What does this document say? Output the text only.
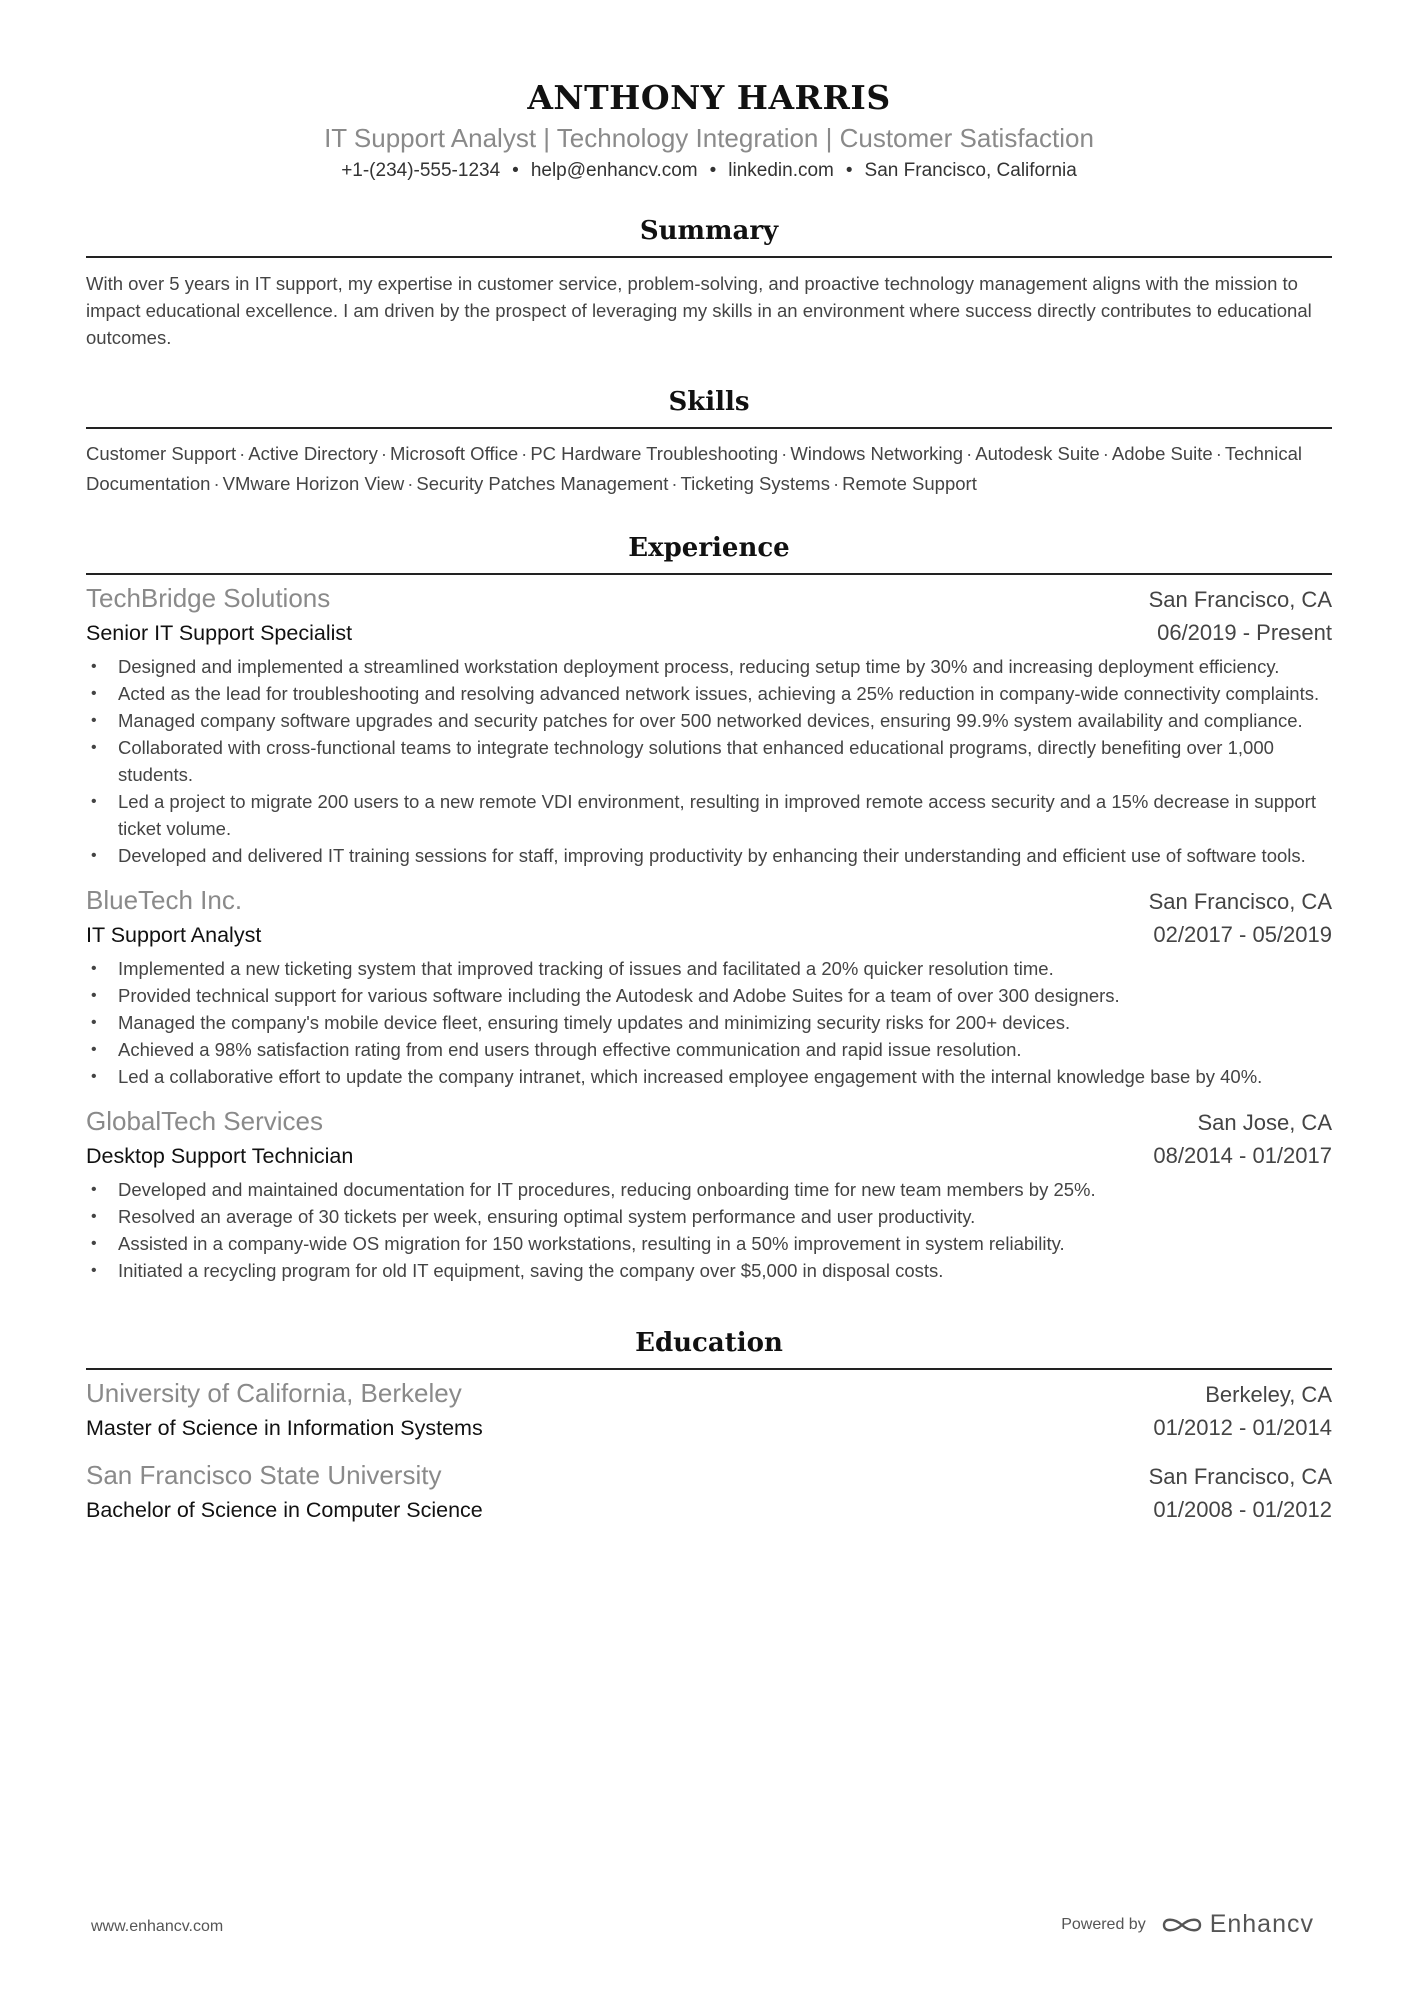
ANTHONY HARRIS
IT Support Analyst | Technology Integration | Customer Satisfaction
+1-(234)-555-1234 • help@enhancv.com • linkedin.com • San Francisco, California
Summary
With over 5 years in IT support, my expertise in customer service, problem-solving, and proactive technology management aligns with the mission to impact educational excellence. I am driven by the prospect of leveraging my skills in an environment where success directly contributes to educational outcomes.
Skills
Customer Support · Active Directory · Microsoft Office · PC Hardware Troubleshooting · Windows Networking · Autodesk Suite · Adobe Suite · Technical Documentation · VMware Horizon View · Security Patches Management · Ticketing Systems · Remote Support
Experience
TechBridge Solutions	San Francisco, CA
Senior IT Support Specialist	06/2019 - Present
• Designed and implemented a streamlined workstation deployment process, reducing setup time by 30% and increasing deployment efficiency.
• Acted as the lead for troubleshooting and resolving advanced network issues, achieving a 25% reduction in company-wide connectivity complaints.
• Managed company software upgrades and security patches for over 500 networked devices, ensuring 99.9% system availability and compliance.
• Collaborated with cross-functional teams to integrate technology solutions that enhanced educational programs, directly benefiting over 1,000 students.
• Led a project to migrate 200 users to a new remote VDI environment, resulting in improved remote access security and a 15% decrease in support ticket volume.
• Developed and delivered IT training sessions for staff, improving productivity by enhancing their understanding and efficient use of software tools.
BlueTech Inc.	San Francisco, CA
IT Support Analyst	02/2017 - 05/2019
• Implemented a new ticketing system that improved tracking of issues and facilitated a 20% quicker resolution time.
• Provided technical support for various software including the Autodesk and Adobe Suites for a team of over 300 designers.
• Managed the company's mobile device fleet, ensuring timely updates and minimizing security risks for 200+ devices.
• Achieved a 98% satisfaction rating from end users through effective communication and rapid issue resolution.
• Led a collaborative effort to update the company intranet, which increased employee engagement with the internal knowledge base by 40%.
GlobalTech Services	San Jose, CA
Desktop Support Technician	08/2014 - 01/2017
• Developed and maintained documentation for IT procedures, reducing onboarding time for new team members by 25%.
• Resolved an average of 30 tickets per week, ensuring optimal system performance and user productivity.
• Assisted in a company-wide OS migration for 150 workstations, resulting in a 50% improvement in system reliability.
• Initiated a recycling program for old IT equipment, saving the company over $5,000 in disposal costs.
Education
University of California, Berkeley	Berkeley, CA
Master of Science in Information Systems	01/2012 - 01/2014
San Francisco State University	San Francisco, CA
Bachelor of Science in Computer Science	01/2008 - 01/2012
www.enhancv.com	Powered by	Enhancv
